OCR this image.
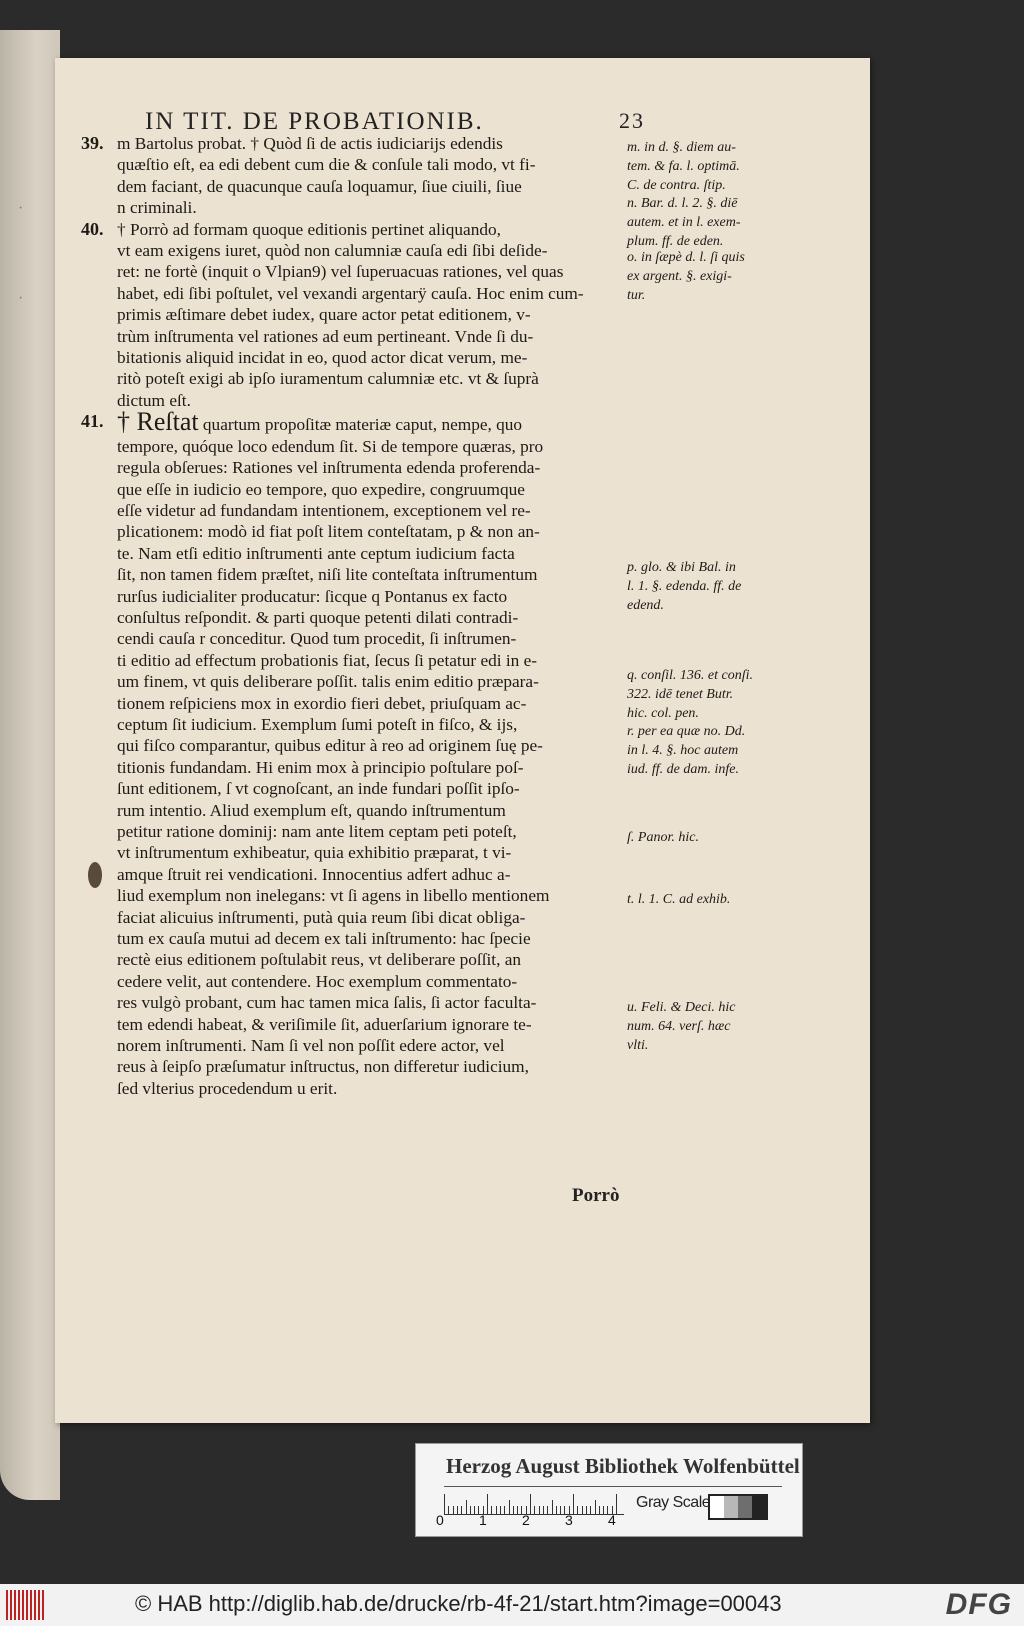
·
·
IN TIT. DE PROBATIONIB.	23
39. m Bartolus probat. † Quòd ſi de actis iudiciarijs edendis
quæſtio eſt, ea edi debent cum die & conſule tali modo, vt fi-
dem faciant, de quacunque cauſa loquamur, ſiue ciuili, ſiue
n criminali.
40. † Porrò ad formam quoque editionis pertinet aliquando,
vt eam exigens iuret, quòd non calumniæ cauſa edi ſibi deſide-
ret: ne fortè (inquit o Vlpian9) vel ſuperuacuas rationes, vel quas
habet, edi ſibi poſtulet, vel vexandi argentarÿ cauſa. Hoc enim cum-
primis æſtimare debet iudex, quare actor petat editionem, v-
trùm inſtrumenta vel rationes ad eum pertineant. Vnde ſi du-
bitationis aliquid incidat in eo, quod actor dicat verum, me-
ritò poteſt exigi ab ipſo iuramentum calumniæ etc. vt & ſuprà
dictum eſt.
41. † Reſtat quartum propoſitæ materiæ caput, nempe, quo
tempore, quóque loco edendum ſit. Si de tempore quæras, pro
regula obſerues: Rationes vel inſtrumenta edenda proferenda-
que eſſe in iudicio eo tempore, quo expedire, congruumque
eſſe videtur ad fundandam intentionem, exceptionem vel re-
plicationem: modò id fiat poſt litem conteſtatam, p & non an-
te. Nam etſi editio inſtrumenti ante ceptum iudicium facta
ſit, non tamen fidem præſtet, niſi lite conteſtata inſtrumentum
rurſus iudicialiter producatur: ſicque q Pontanus ex facto
conſultus reſpondit. & parti quoque petenti dilati contradi-
cendi cauſa r conceditur. Quod tum procedit, ſi inſtrumen-
ti editio ad effectum probationis fiat, ſecus ſi petatur edi in e-
um finem, vt quis deliberare poſſit. talis enim editio præpara-
tionem reſpiciens mox in exordio fieri debet, priuſquam ac-
ceptum ſit iudicium. Exemplum ſumi poteſt in fiſco, & ijs,
qui fiſco comparantur, quibus editur à reo ad originem ſuę pe-
titionis fundandam. Hi enim mox à principio poſtulare poſ-
ſunt editionem, ſ vt cognoſcant, an inde fundari poſſit ipſo-
rum intentio. Aliud exemplum eſt, quando inſtrumentum
petitur ratione dominij: nam ante litem ceptam peti poteſt,
vt inſtrumentum exhibeatur, quia exhibitio præparat, t vi-
amque ſtruit rei vendicationi. Innocentius adfert adhuc a-
liud exemplum non inelegans: vt ſi agens in libello mentionem
faciat alicuius inſtrumenti, putà quia reum ſibi dicat obliga-
tum ex cauſa mutui ad decem ex tali inſtrumento: hac ſpecie
rectè eius editionem poſtulabit reus, vt deliberare poſſit, an
cedere velit, aut contendere. Hoc exemplum commentato-
res vulgò probant, cum hac tamen mica ſalis, ſi actor faculta-
tem edendi habeat, & veriſimile ſit, aduerſarium ignorare te-
norem inſtrumenti. Nam ſi vel non poſſit edere actor, vel
reus à ſeipſo præſumatur inſtructus, non differetur iudicium,
ſed vlterius procedendum u erit.
m. in d. §. diem au-
tem. & fa. l. optimā.
C. de contra. ſtip.
n. Bar. d. l. 2. §. diē
autem. et in l. exem-
plum. ff. de eden.
o. in ſæpè d. l. ſi quis
ex argent. §. exigi-
tur.
p. glo. & ibi Bal. in
l. 1. §. edenda. ff. de
edend.
q. conſil. 136. et conſi.
322. idē tenet Butr.
hic. col. pen.
r. per ea quæ no. Dd.
in l. 4. §. hoc autem
iud. ff. de dam. infe.
ſ. Panor. hic.
t. l. 1. C. ad exhib.
u. Feli. & Deci. hic
num. 64. verſ. hæc
vlti.
Porrò
Herzog August Bibliothek Wolfenbüttel
0	1	2	3	4
Gray Scale
© HAB http://diglib.hab.de/drucke/rb-4f-21/start.htm?image=00043	DFG
